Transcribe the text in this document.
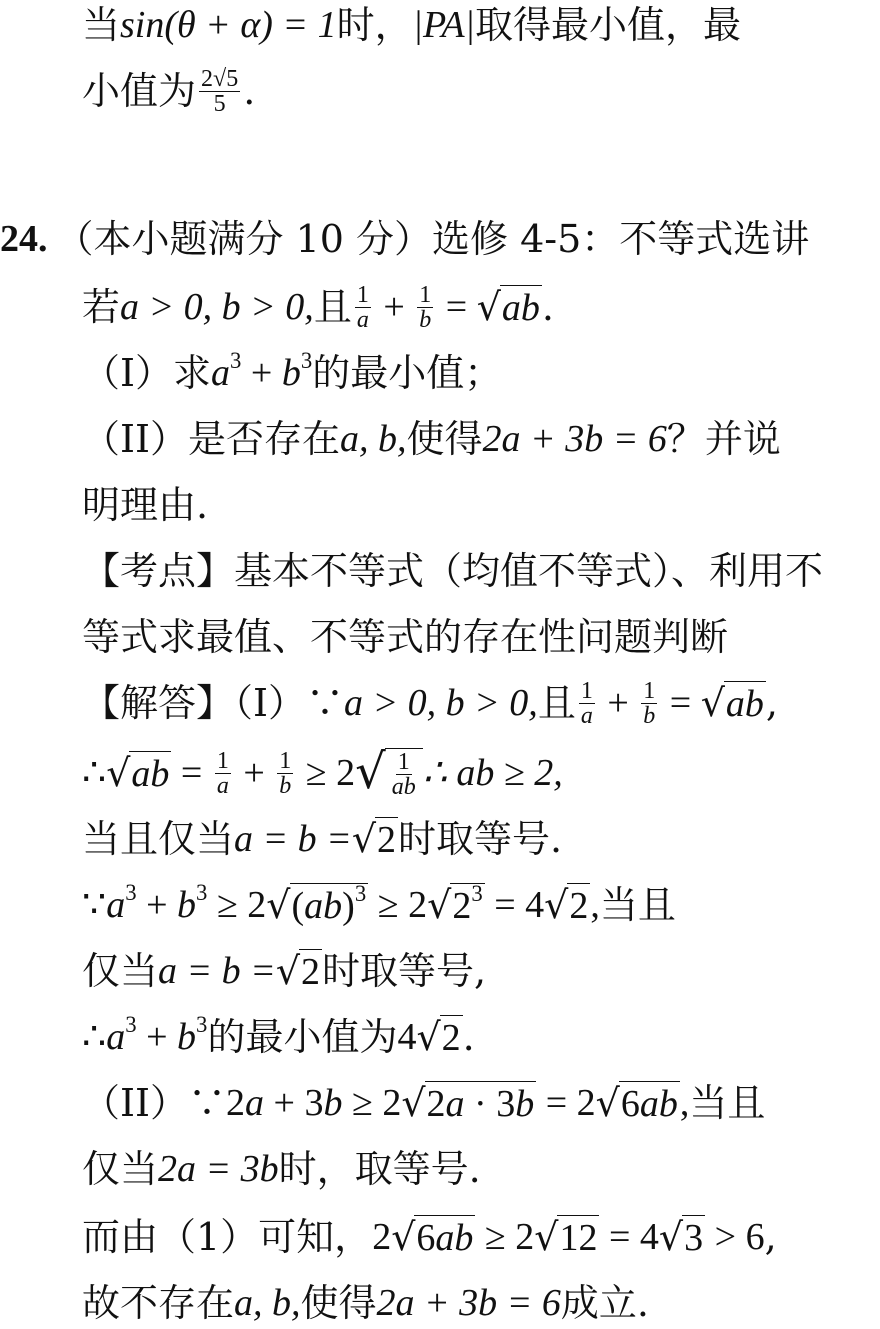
当 sin(θ + α) = 1 时， |PA| 取得最小值，最
小值为 $\frac{2√5}{5}$ .
24. （本小题满分 10 分）选修 4-5：不等式选讲
若 a > 0, b > 0, 且 $\frac{1}{a} + \frac{1}{b}$ = √ ab .
（I）求 $a^3 + b^3$ 的最小值；
（II）是否存在 a, b, 使得 2a + 3b = 6 ？并说
明理由.
【考点】基本不等式（均值不等式）、利用不
等式求最值、不等式的存在性问题判断
【解答】（I）∵ a > 0, b > 0, 且 $\frac{1}{a} + \frac{1}{b}$ = √ ab ,
∴ √ ab = $\frac{1}{a} + \frac{1}{b} \ge 2$ √ $\frac{1}{ab}$ ∴ ab ≥ 2,
当且仅当 a = b = √ 2 时取等号.
∵ $a^3 + b^3 \ge 2$ √ (ab)$^3$ ≥ 2 √ $2^3 = 4$ √ 2 , 当且
仅当 a = b = √ 2 时取等号,
∴ $a^3 + b^3$ 的最小值为 4 √ 2 .
（II）∵ 2a + 3b ≥ 2 √ 2a · 3b = 2 √ 6ab , 当且
仅当 2a = 3b 时，取等号.
而由（1）可知， 2 √ 6ab ≥ 2 √ 12 = 4 √ 3 > 6 ,
故不存在 a, b, 使得 2a + 3b = 6 成立.
